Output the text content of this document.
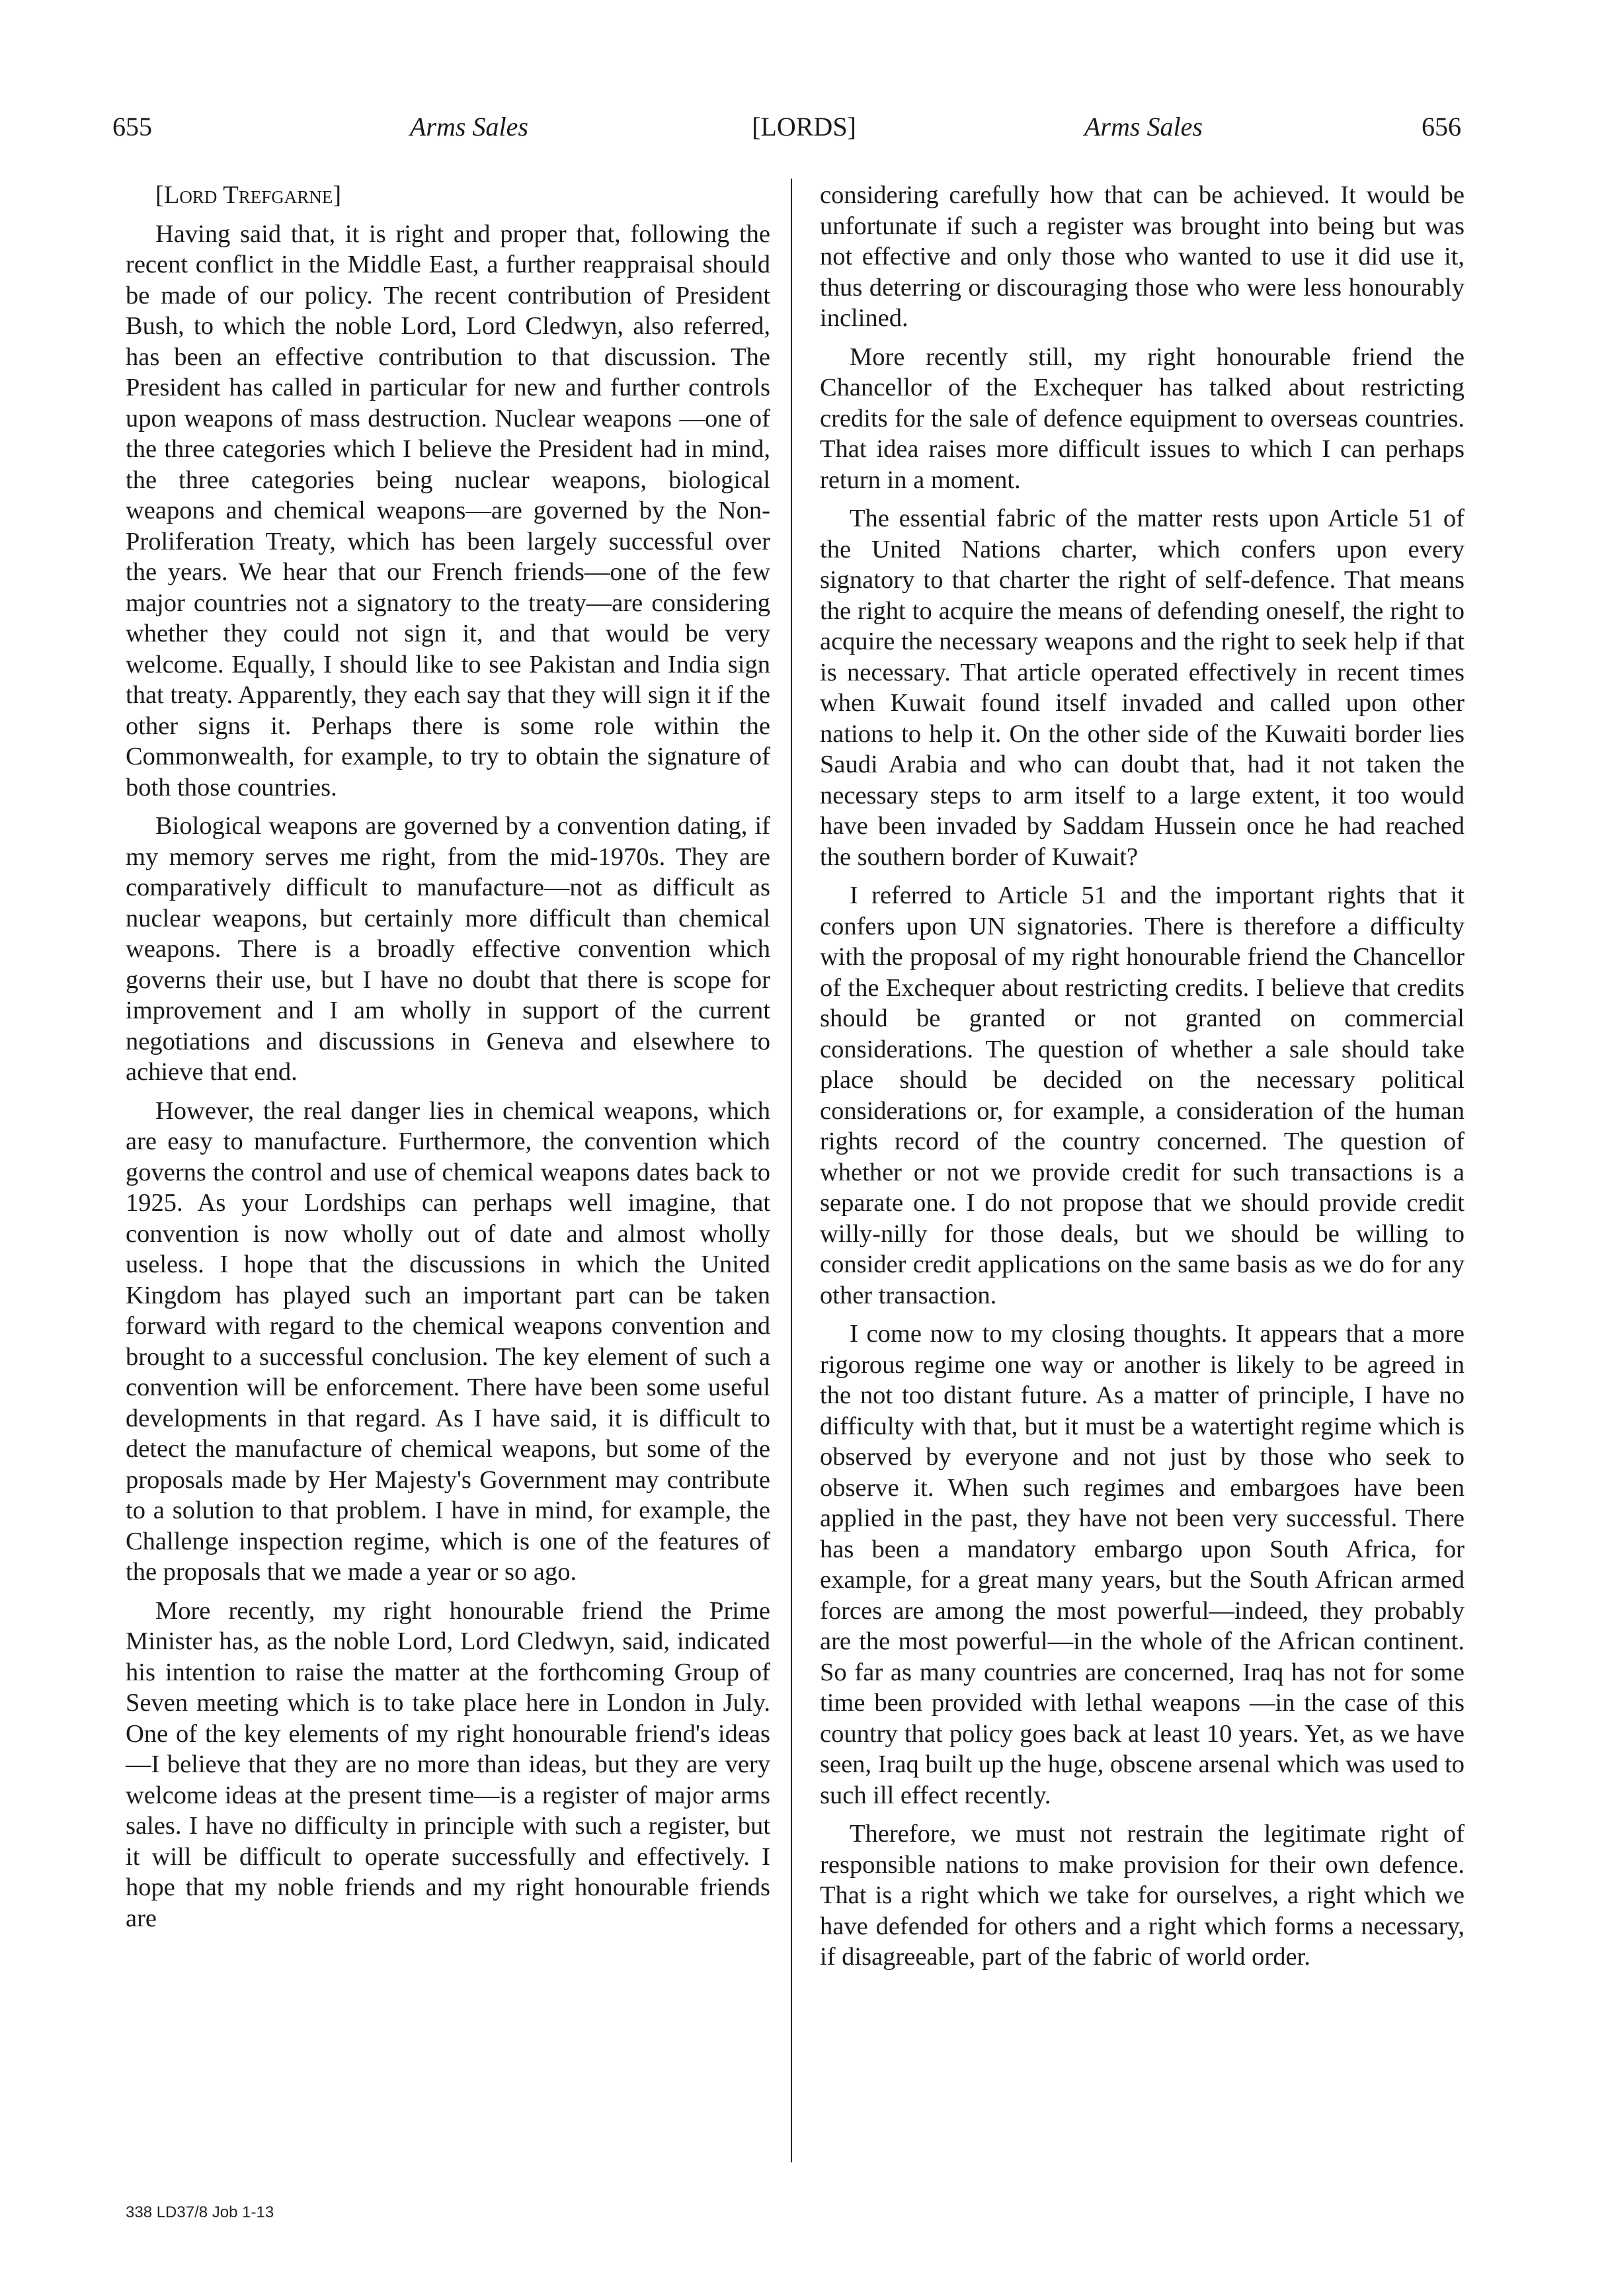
655	Arms Sales	[LORDS]	Arms Sales	656

[Lord Trefgarne]

Having said that, it is right and proper that, following the recent conflict in the Middle East, a further reappraisal should be made of our policy. The recent contribution of President Bush, to which the noble Lord, Lord Cledwyn, also referred, has been an effective contribution to that discussion. The President has called in particular for new and further controls upon weapons of mass destruction. Nuclear weapons —one of the three categories which I believe the President had in mind, the three categories being nuclear weapons, biological weapons and chemical weapons—are governed by the Non-Proliferation Treaty, which has been largely successful over the years. We hear that our French friends—one of the few major countries not a signatory to the treaty—are considering whether they could not sign it, and that would be very welcome. Equally, I should like to see Pakistan and India sign that treaty. Apparently, they each say that they will sign it if the other signs it. Perhaps there is some role within the Commonwealth, for example, to try to obtain the signature of both those countries.

Biological weapons are governed by a convention dating, if my memory serves me right, from the mid-1970s. They are comparatively difficult to manufacture—not as difficult as nuclear weapons, but certainly more difficult than chemical weapons. There is a broadly effective convention which governs their use, but I have no doubt that there is scope for improvement and I am wholly in support of the current negotiations and discussions in Geneva and elsewhere to achieve that end.

However, the real danger lies in chemical weapons, which are easy to manufacture. Furthermore, the convention which governs the control and use of chemical weapons dates back to 1925. As your Lordships can perhaps well imagine, that convention is now wholly out of date and almost wholly useless. I hope that the discussions in which the United Kingdom has played such an important part can be taken forward with regard to the chemical weapons convention and brought to a successful conclusion. The key element of such a convention will be enforcement. There have been some useful developments in that regard. As I have said, it is difficult to detect the manufacture of chemical weapons, but some of the proposals made by Her Majesty's Government may contribute to a solution to that problem. I have in mind, for example, the Challenge inspection regime, which is one of the features of the proposals that we made a year or so ago.

More recently, my right honourable friend the Prime Minister has, as the noble Lord, Lord Cledwyn, said, indicated his intention to raise the matter at the forthcoming Group of Seven meeting which is to take place here in London in July. One of the key elements of my right honourable friend's ideas—I believe that they are no more than ideas, but they are very welcome ideas at the present time—is a register of major arms sales. I have no difficulty in principle with such a register, but it will be difficult to operate successfully and effectively. I hope that my noble friends and my right honourable friends are

considering carefully how that can be achieved. It would be unfortunate if such a register was brought into being but was not effective and only those who wanted to use it did use it, thus deterring or discouraging those who were less honourably inclined.

More recently still, my right honourable friend the Chancellor of the Exchequer has talked about restricting credits for the sale of defence equipment to overseas countries. That idea raises more difficult issues to which I can perhaps return in a moment.

The essential fabric of the matter rests upon Article 51 of the United Nations charter, which confers upon every signatory to that charter the right of self-defence. That means the right to acquire the means of defending oneself, the right to acquire the necessary weapons and the right to seek help if that is necessary. That article operated effectively in recent times when Kuwait found itself invaded and called upon other nations to help it. On the other side of the Kuwaiti border lies Saudi Arabia and who can doubt that, had it not taken the necessary steps to arm itself to a large extent, it too would have been invaded by Saddam Hussein once he had reached the southern border of Kuwait?

I referred to Article 51 and the important rights that it confers upon UN signatories. There is therefore a difficulty with the proposal of my right honourable friend the Chancellor of the Exchequer about restricting credits. I believe that credits should be granted or not granted on commercial considerations. The question of whether a sale should take place should be decided on the necessary political considerations or, for example, a consideration of the human rights record of the country concerned. The question of whether or not we provide credit for such transactions is a separate one. I do not propose that we should provide credit willy-nilly for those deals, but we should be willing to consider credit applications on the same basis as we do for any other transaction.

I come now to my closing thoughts. It appears that a more rigorous regime one way or another is likely to be agreed in the not too distant future. As a matter of principle, I have no difficulty with that, but it must be a watertight regime which is observed by everyone and not just by those who seek to observe it. When such regimes and embargoes have been applied in the past, they have not been very successful. There has been a mandatory embargo upon South Africa, for example, for a great many years, but the South African armed forces are among the most powerful—indeed, they probably are the most powerful—in the whole of the African continent. So far as many countries are concerned, Iraq has not for some time been provided with lethal weapons —in the case of this country that policy goes back at least 10 years. Yet, as we have seen, Iraq built up the huge, obscene arsenal which was used to such ill effect recently.

Therefore, we must not restrain the legitimate right of responsible nations to make provision for their own defence. That is a right which we take for ourselves, a right which we have defended for others and a right which forms a necessary, if disagreeable, part of the fabric of world order.

338 LD37/8 Job 1-13
